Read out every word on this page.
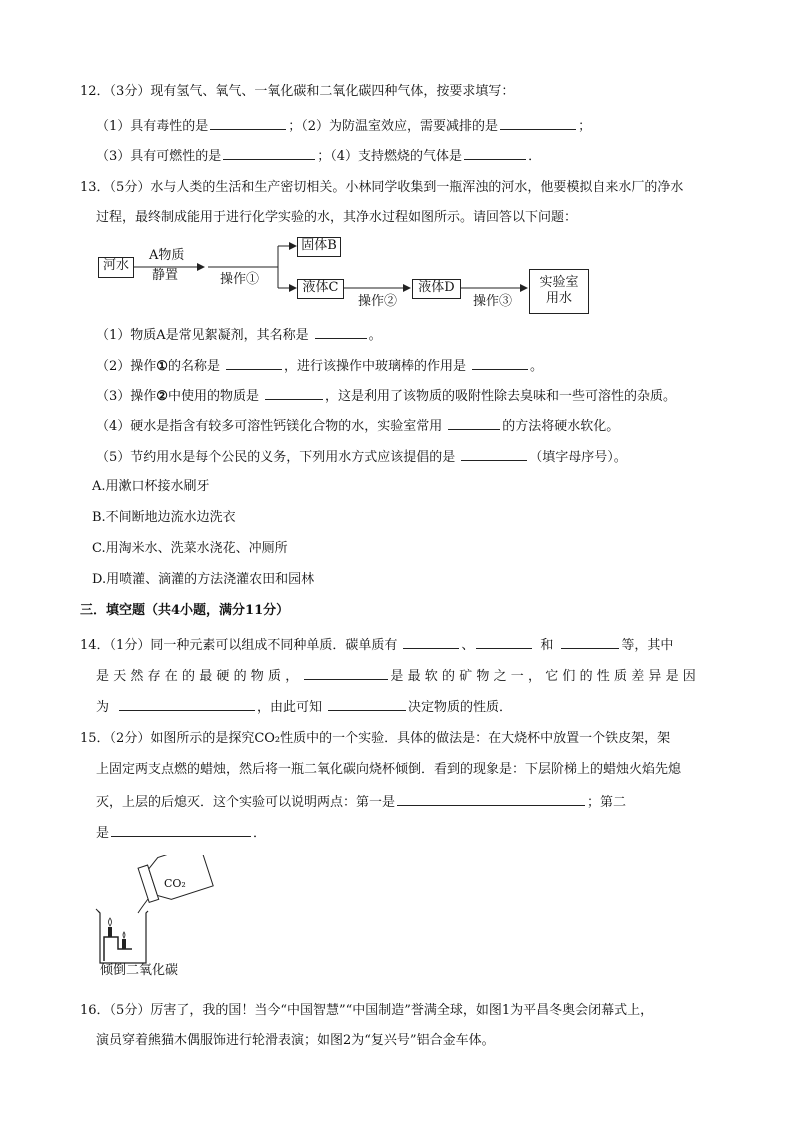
12．（3分）现有氢气、氧气、一氧化碳和二氧化碳四种气体，按要求填写：
（1）具有毒性的是	；（2）为防温室效应，需要减排的是	；
（3）具有可燃性的是	；（4）支持燃烧的气体是	．
13．（5分）水与人类的生活和生产密切相关。小林同学收集到一瓶浑浊的河水，他要模拟自来水厂的净水
过程，最终制成能用于进行化学实验的水，其净水过程如图所示。请回答以下问题：
河水
A物质
静置	操作①
固体B
液体C
操作②
液体D
操作③
实验室
用水
（1）物质A是常见絮凝剂，其名称是	。
（2）操作①的名称是	，进行该操作中玻璃棒的作用是	。
（3）操作②中使用的物质是	，这是利用了该物质的吸附性除去臭味和一些可溶性的杂质。
（4）硬水是指含有较多可溶性钙镁化合物的水，实验室常用	的方法将硬水软化。
（5）节约用水是每个公民的义务，下列用水方式应该提倡的是	（填字母序号）。
A.用漱口杯接水刷牙
B.不间断地边流水边洗衣
C.用淘米水、洗菜水浇花、冲厕所
D.用喷灌、滴灌的方法浇灌农田和园林
三．填空题（共4小题，满分11分）
14．（1分）同一种元素可以组成不同种单质．碳单质有	、	和	等，其中
是天然存在的最硬的物质，	是最软的矿物之一，它们的性质差异是因
为	，由此可知	决定物质的性质．
15．（2分）如图所示的是探究CO₂性质中的一个实验．具体的做法是：在大烧杯中放置一个铁皮架，架
上固定两支点燃的蜡烛，然后将一瓶二氧化碳向烧杯倾倒．看到的现象是：下层阶梯上的蜡烛火焰先熄
灭，上层的后熄灭．这个实验可以说明两点：第一是	；第二
是	．
CO₂
倾倒二氧化碳
16．（5分）厉害了，我的国！当今“中国智慧”“中国制造”誉满全球，如图1为平昌冬奥会闭幕式上，
演员穿着熊猫木偶服饰进行轮滑表演；如图2为“复兴号”铝合金车体。
